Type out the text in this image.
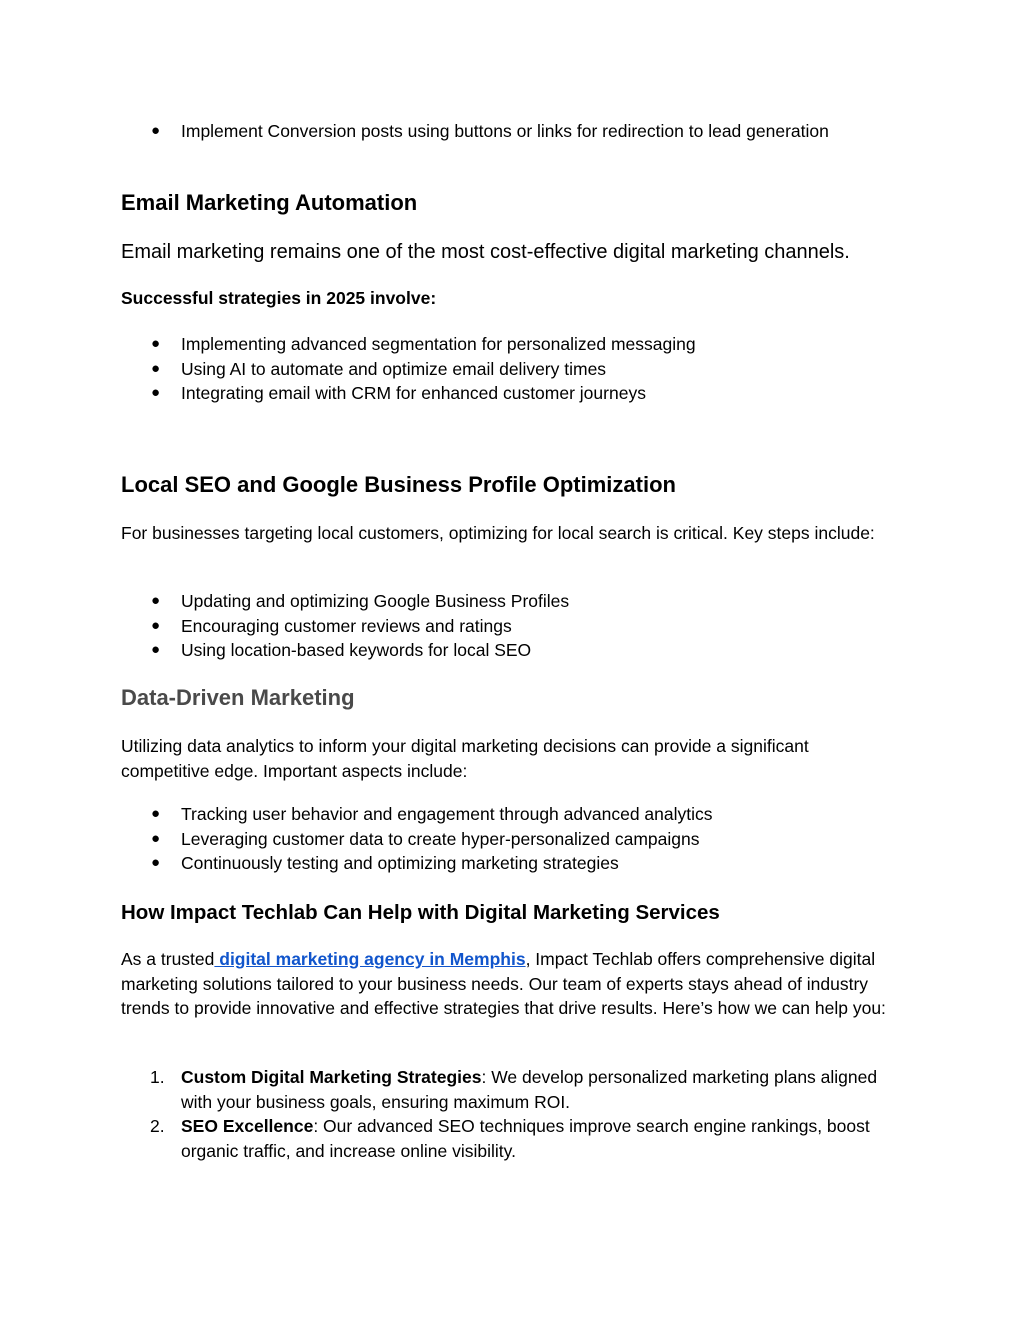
● Implement Conversion posts using buttons or links for redirection to lead generation
Email Marketing Automation

Email marketing remains one of the most cost-effective digital marketing channels.

Successful strategies in 2025 involve:

● Implementing advanced segmentation for personalized messaging
● Using AI to automate and optimize email delivery times
● Integrating email with CRM for enhanced customer journeys
Local SEO and Google Business Profile Optimization

For businesses targeting local customers, optimizing for local search is critical. Key steps include:

● Updating and optimizing Google Business Profiles
● Encouraging customer reviews and ratings
● Using location-based keywords for local SEO
Data-Driven Marketing

Utilizing data analytics to inform your digital marketing decisions can provide a significant competitive edge. Important aspects include:

● Tracking user behavior and engagement through advanced analytics
● Leveraging customer data to create hyper-personalized campaigns
● Continuously testing and optimizing marketing strategies
How Impact Techlab Can Help with Digital Marketing Services

As a trusted digital marketing agency in Memphis, Impact Techlab offers comprehensive digital marketing solutions tailored to your business needs. Our team of experts stays ahead of industry trends to provide innovative and effective strategies that drive results. Here’s how we can help you:

1. Custom Digital Marketing Strategies: We develop personalized marketing plans aligned with your business goals, ensuring maximum ROI.
2. SEO Excellence: Our advanced SEO techniques improve search engine rankings, boost organic traffic, and increase online visibility.
